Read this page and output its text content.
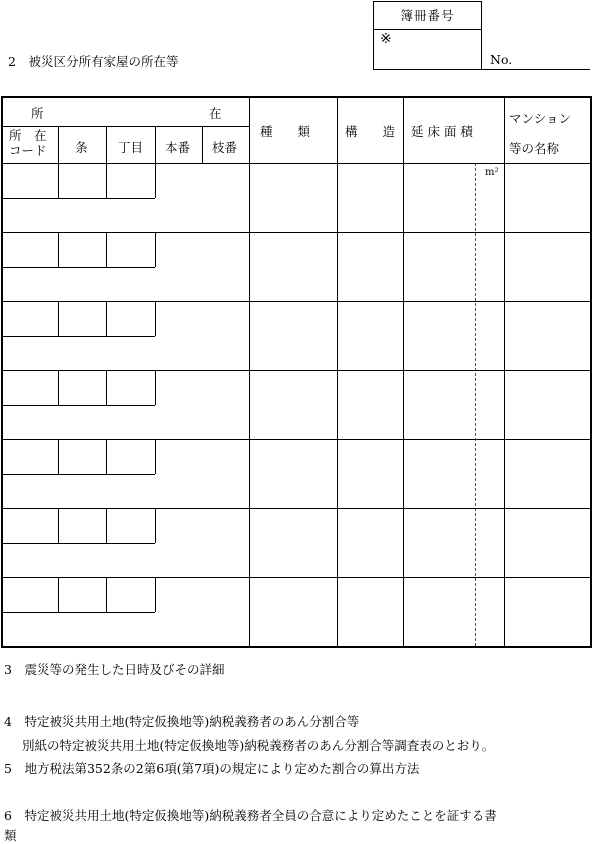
簿冊番号
※
No.
2　被災区分所有家屋の所在等
所	在
所　在
コード 条 丁目 本番 枝番
種　　類	構　　造 延 床 面 積
マンション
等の名称
m²
3　震災等の発生した日時及びその詳細
4　特定被災共用土地(特定仮換地等)納税義務者のあん分割合等
別紙の特定被災共用土地(特定仮換地等)納税義務者のあん分割合等調査表のとおり。
5　地方税法第352条の2第6項(第7項)の規定により定めた割合の算出方法
6　特定被災共用土地(特定仮換地等)納税義務者全員の合意により定めたことを証する書
類
